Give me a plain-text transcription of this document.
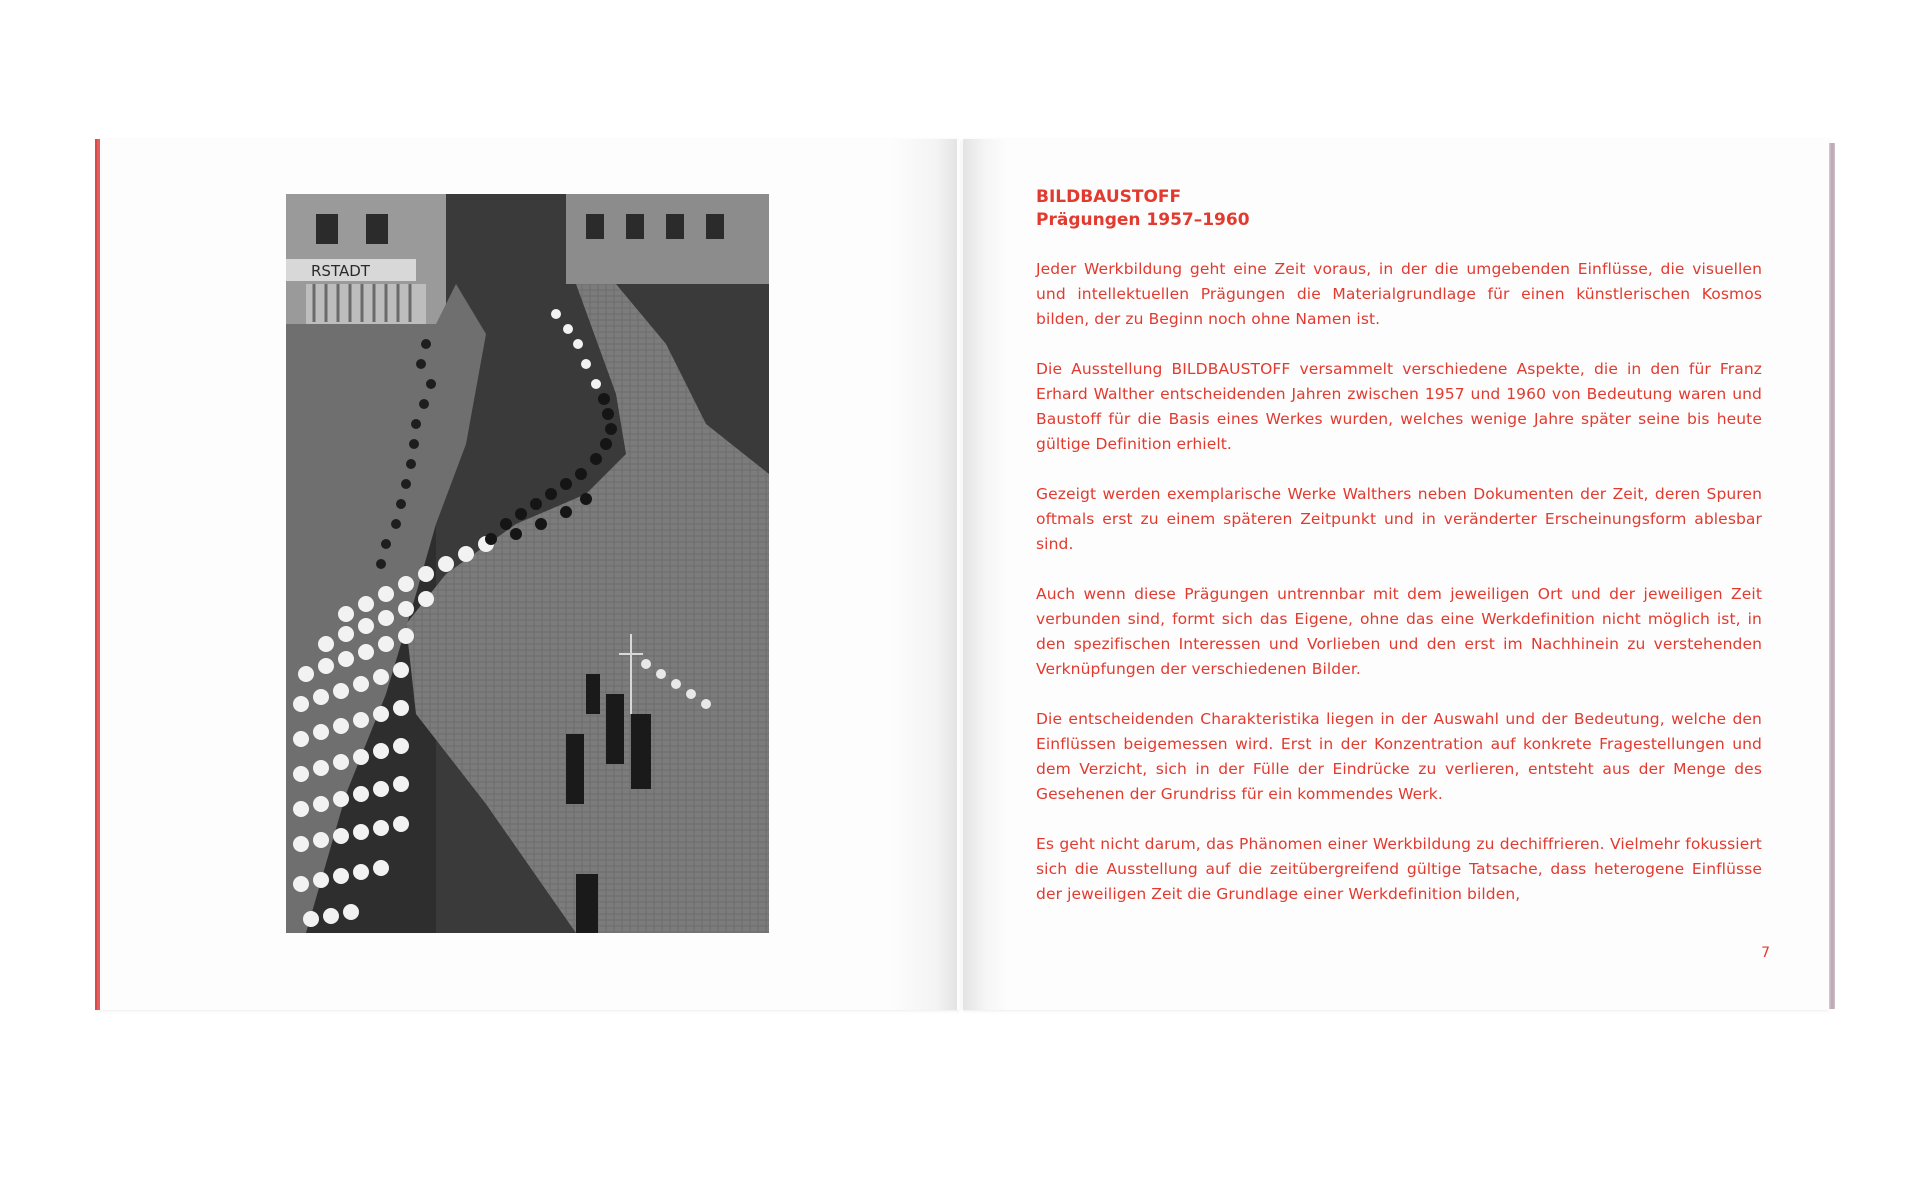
RSTADT
BILDBAUSTOFF
Prägungen 1957–1960

Jeder Werkbildung geht eine Zeit voraus, in der die umgebenden Einflüsse, die visuellen und intellektuellen Prägungen die Materialgrundlage für einen künstlerischen Kosmos bilden, der zu Beginn noch ohne Namen ist.

Die Ausstellung BILDBAUSTOFF versammelt verschiedene Aspekte, die in den für Franz Erhard Walther entscheidenden Jahren zwischen 1957 und 1960 von Bedeutung waren und Baustoff für die Basis eines Werkes wurden, welches wenige Jahre später seine bis heute gültige Definition erhielt.

Gezeigt werden exemplarische Werke Walthers neben Dokumenten der Zeit, deren Spuren oftmals erst zu einem späteren Zeitpunkt und in veränderter Erscheinungsform ablesbar sind.

Auch wenn diese Prägungen untrennbar mit dem jeweiligen Ort und der jeweiligen Zeit verbunden sind, formt sich das Eigene, ohne das eine Werkdefinition nicht möglich ist, in den spezifischen Interessen und Vorlieben und den erst im Nachhinein zu verstehenden Verknüpfungen der verschiedenen Bilder.

Die entscheidenden Charakteristika liegen in der Auswahl und der Bedeutung, welche den Einflüssen beigemessen wird. Erst in der Konzentration auf konkrete Fragestellungen und dem Verzicht, sich in der Fülle der Eindrücke zu verlieren, entsteht aus der Menge des Gesehenen der Grundriss für ein kommendes Werk.

Es geht nicht darum, das Phänomen einer Werkbildung zu dechiffrieren. Vielmehr fokussiert sich die Ausstellung auf die zeitübergreifend gültige Tatsache, dass heterogene Einflüsse der jeweiligen Zeit die Grundlage einer Werkdefinition bilden,

7
